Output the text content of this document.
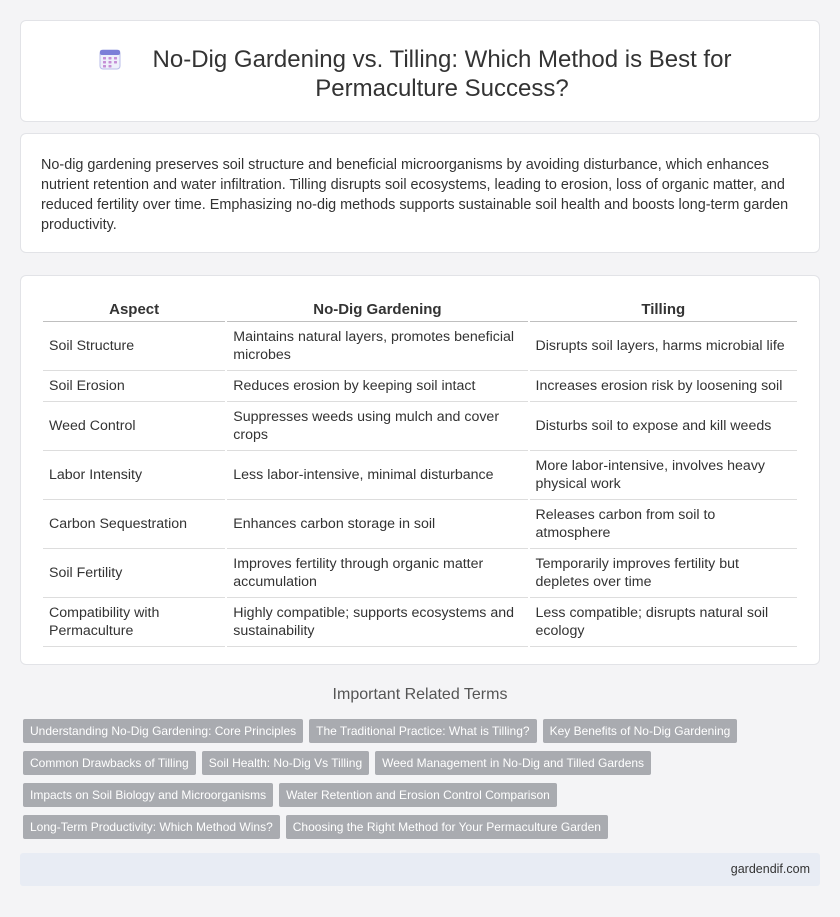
No-Dig Gardening vs. Tilling: Which Method is Best for Permaculture Success?

No-dig gardening preserves soil structure and beneficial microorganisms by avoiding disturbance, which enhances nutrient retention and water infiltration. Tilling disrupts soil ecosystems, leading to erosion, loss of organic matter, and reduced fertility over time. Emphasizing no-dig methods supports sustainable soil health and boosts long-term garden productivity.

Aspect	No-Dig Gardening	Tilling
Soil Structure	Maintains natural layers, promotes beneficial microbes	Disrupts soil layers, harms microbial life
Soil Erosion	Reduces erosion by keeping soil intact	Increases erosion risk by loosening soil
Weed Control	Suppresses weeds using mulch and cover crops	Disturbs soil to expose and kill weeds
Labor Intensity	Less labor-intensive, minimal disturbance	More labor-intensive, involves heavy physical work
Carbon Sequestration	Enhances carbon storage in soil	Releases carbon from soil to atmosphere
Soil Fertility	Improves fertility through organic matter accumulation	Temporarily improves fertility but depletes over time
Compatibility with Permaculture	Highly compatible; supports ecosystems and sustainability	Less compatible; disrupts natural soil ecology
Important Related Terms
Understanding No-Dig Gardening: Core Principles The Traditional Practice: What is Tilling? Key Benefits of No-Dig Gardening
Common Drawbacks of Tilling Soil Health: No-Dig Vs Tilling Weed Management in No-Dig and Tilled Gardens
Impacts on Soil Biology and Microorganisms Water Retention and Erosion Control Comparison
Long-Term Productivity: Which Method Wins? Choosing the Right Method for Your Permaculture Garden
gardendif.com
